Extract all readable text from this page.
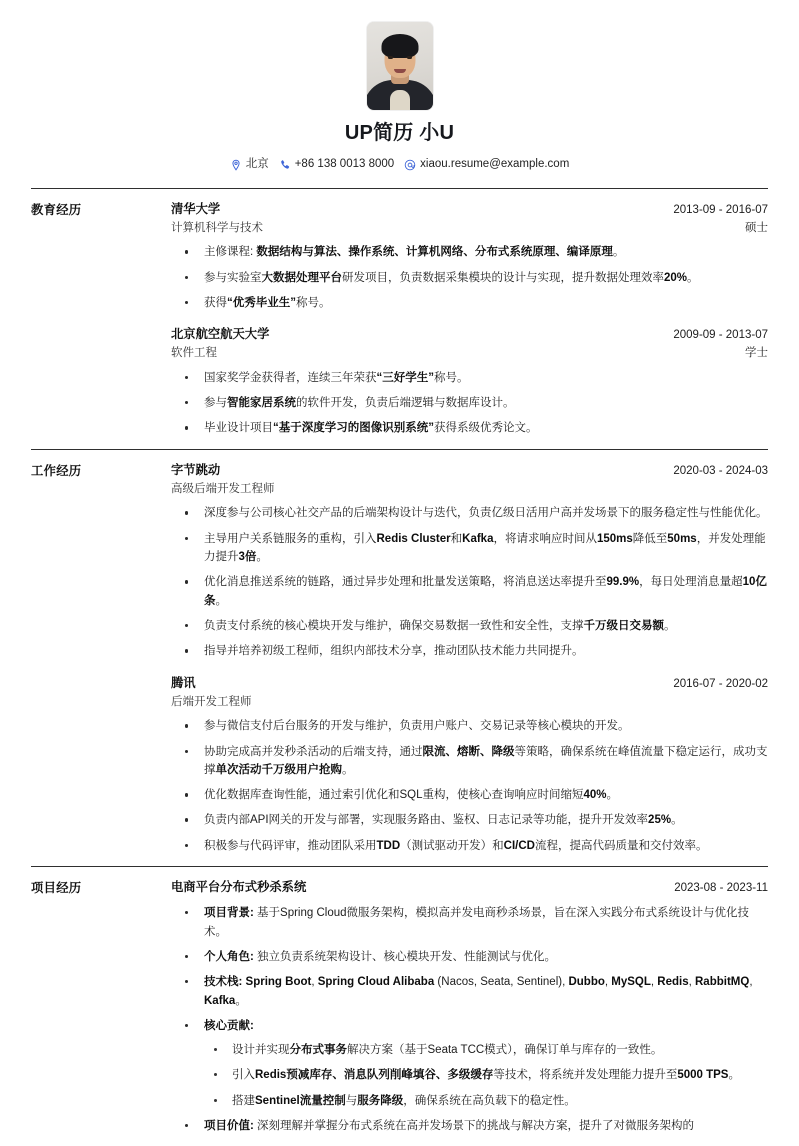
UP简历 小U
北京 +86 138 0013 8000 xiaou.resume@example.com
教育经历	清华大学	2013-09 - 2016-07
计算机科学与技术	硕士
主修课程: 数据结构与算法、操作系统、计算机网络、分布式系统原理、编译原理。
参与实验室大数据处理平台研发项目，负责数据采集模块的设计与实现，提升数据处理效率20%。
获得“优秀毕业生”称号。
北京航空航天大学	2009-09 - 2013-07
软件工程	学士
国家奖学金获得者，连续三年荣获“三好学生”称号。
参与智能家居系统的软件开发，负责后端逻辑与数据库设计。
毕业设计项目“基于深度学习的图像识别系统”获得系级优秀论文。
工作经历	字节跳动	2020-03 - 2024-03
高级后端开发工程师
深度参与公司核心社交产品的后端架构设计与迭代，负责亿级日活用户高并发场景下的服务稳定性与性能优化。
主导用户关系链服务的重构，引入Redis Cluster和Kafka，将请求响应时间从150ms降低至50ms，并发处理能力提升3倍。
优化消息推送系统的链路，通过异步处理和批量发送策略，将消息送达率提升至99.9%，每日处理消息量超10亿条。
负责支付系统的核心模块开发与维护，确保交易数据一致性和安全性，支撑千万级日交易额。
指导并培养初级工程师，组织内部技术分享，推动团队技术能力共同提升。
腾讯	2016-07 - 2020-02
后端开发工程师
参与微信支付后台服务的开发与维护，负责用户账户、交易记录等核心模块的开发。
协助完成高并发秒杀活动的后端支持，通过限流、熔断、降级等策略，确保系统在峰值流量下稳定运行，成功支撑单次活动千万级用户抢购。
优化数据库查询性能，通过索引优化和SQL重构，使核心查询响应时间缩短40%。
负责内部API网关的开发与部署，实现服务路由、鉴权、日志记录等功能，提升开发效率25%。
积极参与代码评审，推动团队采用TDD（测试驱动开发）和CI/CD流程，提高代码质量和交付效率。
项目经历	电商平台分布式秒杀系统	2023-08 - 2023-11
项目背景: 基于Spring Cloud微服务架构，模拟高并发电商秒杀场景，旨在深入实践分布式系统设计与优化技术。
个人角色: 独立负责系统架构设计、核心模块开发、性能测试与优化。
技术栈: Spring Boot, Spring Cloud Alibaba (Nacos, Seata, Sentinel), Dubbo, MySQL, Redis, RabbitMQ, Kafka。
核心贡献:
设计并实现分布式事务解决方案（基于Seata TCC模式），确保订单与库存的一致性。
引入Redis预减库存、消息队列削峰填谷、多级缓存等技术，将系统并发处理能力提升至5000 TPS。
搭建Sentinel流量控制与服务降级，确保系统在高负载下的稳定性。
项目价值: 深刻理解并掌握分布式系统在高并发场景下的挑战与解决方案，提升了对微服务架构的
